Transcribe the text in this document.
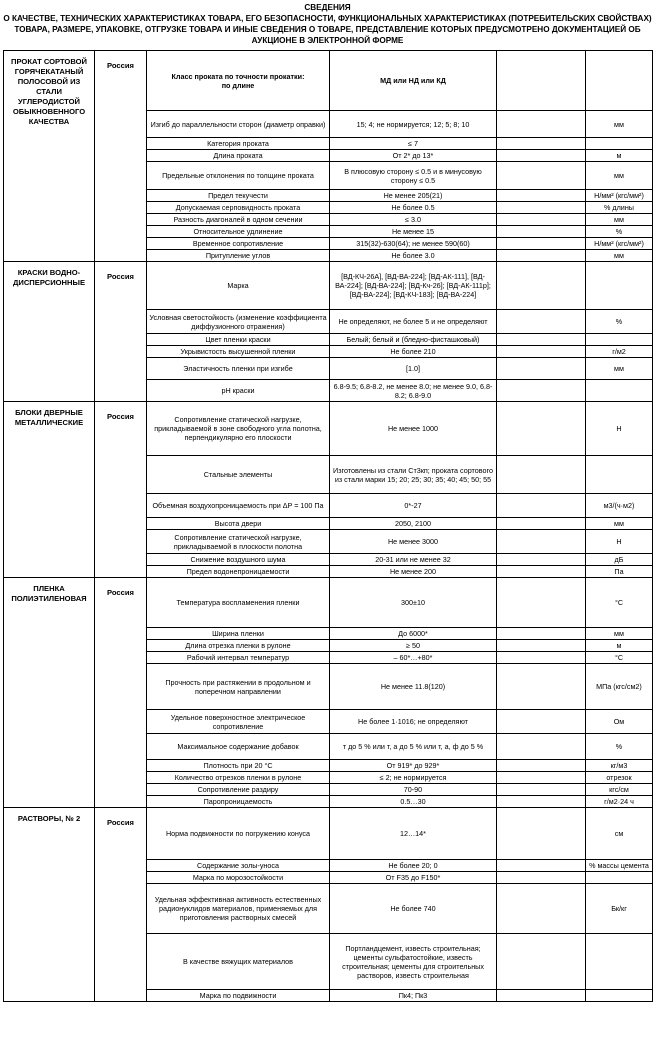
СВЕДЕНИЯ
О КАЧЕСТВЕ, ТЕХНИЧЕСКИХ ХАРАКТЕРИСТИКАХ ТОВАРА, ЕГО БЕЗОПАСНОСТИ, ФУНКЦИОНАЛЬНЫХ ХАРАКТЕРИСТИКАХ (ПОТРЕБИТЕЛЬСКИХ СВОЙСТВАХ)
ТОВАРА, РАЗМЕРЕ, УПАКОВКЕ, ОТГРУЗКЕ ТОВАРА И ИНЫЕ СВЕДЕНИЯ О ТОВАРЕ, ПРЕДСТАВЛЕНИЕ КОТОРЫХ ПРЕДУСМОТРЕНО ДОКУМЕНТАЦИЕЙ ОБ
АУКЦИОНЕ В ЭЛЕКТРОННОЙ ФОРМЕ
ПРОКАТ СОРТОВОЙ ГОРЯЧЕКАТАНЫЙ ПОЛОСОВОЙ ИЗ СТАЛИ УГЛЕРОДИСТОЙ ОБЫКНОВЕННОГО КАЧЕСТВА	Россия	Класс проката по точности прокатки:
по длине	МД или НД или КД		
		Изгиб до параллельности сторон (диаметр оправки)	15; 4; не нормируется; 12; 5; 8; 10		мм
		Категория проката	≤ 7		
		Длина проката	От 2* до 13*		м
		Предельные отклонения по толщине проката	В плюсовую сторону ≤ 0.5 и в минусовую сторону ≤ 0.5		мм
		Предел текучести	Не менее 205(21)		Н/мм² (кгс/мм²)
		Допускаемая серповидность проката	Не более 0.5		% длины
		Разность диагоналей в одном сечении	≤ 3.0		мм
		Относительное удлинение	Не менее 15		%
		Временное сопротивление	315(32)-630(64); не менее 590(60)		Н/мм² (кгс/мм²)
		Притупление углов	Не более 3.0		мм
КРАСКИ ВОДНО-ДИСПЕРСИОННЫЕ	Россия	Марка	[ВД-КЧ-26А], [ВД-ВА-224]; [ВД-АК-111], [ВД-ВА-224]; [ВД-ВА-224]; [ВД-Кч-26]; [ВД-АК-111р]; [ВД-ВА-224]; [ВД-КЧ-183]; [ВД-ВА-224]		
		Условная светостойкость (изменение коэффициента диффузионного отражения)	Не определяют, не более 5 и не определяют		%
		Цвет пленки краски	Белый; белый и (бледно-фисташковый)		
		Укрывистость высушенной пленки	Не более 210		г/м2
		Эластичность пленки при изгибе	[1.0]		мм
		pH краски	6.8-9.5; 6.8-8.2, не менее 8.0; не менее 9.0, 6.8-8.2; 6.8-9.0		
БЛОКИ ДВЕРНЫЕ МЕТАЛЛИЧЕСКИЕ	Россия	Сопротивление статической нагрузке, прикладываемой в зоне свободного угла полотна, перпендикулярно его плоскости	Не менее 1000		Н
		Стальные элементы	Изготовлены из стали Ст3кп; проката сортового из стали марки 15; 20; 25; 30; 35; 40; 45; 50; 55		
		Объемная воздухопроницаемость при ΔP = 100 Па	0*-27		м3/(ч·м2)
		Высота двери	2050, 2100		мм
		Сопротивление статической нагрузке, прикладываемой в плоскости полотна	Не менее 3000		Н
		Снижение воздушного шума	20-31 или не менее 32		дБ
		Предел водонепроницаемости	Не менее 200		Па
ПЛЕНКА ПОЛИЭТИЛЕНОВАЯ	Россия	Температура воспламенения пленки	300±10		°С
		Ширина пленки	До 6000*		мм
		Длина отрезка пленки в рулоне	≥ 50		м
		Рабочий интервал температур	– 60*…+80*		°С
		Прочность при растяжении в продольном и поперечном направлении	Не менее 11.8(120)		МПа (кгс/см2)
		Удельное поверхностное электрическое сопротивление	Не более 1·1016; не определяют		Ом
		Максимальное содержание добавок	т до 5 % или т, а до 5 % или т, а, ф до 5 %		%
		Плотность при 20 °С	От 919* до 929*		кг/м3
		Количество отрезков пленки в рулоне	≤ 2; не нормируется		отрезок
		Сопротивление раздиру	70-90		кгс/см
		Паропроницаемость	0.5…30		г/м2·24 ч
РАСТВОРЫ, № 2	Россия	Норма подвижности по погружению конуса	12…14*		см
		Содержание золы-уноса	Не более 20; 0		% массы цемента
		Марка по морозостойкости	От F35 до F150*		
		Удельная эффективная активность естественных радионуклидов материалов, применяемых для приготовления растворных смесей	Не более 740		Бк/кг
		В качестве вяжущих материалов	Портландцемент, известь строительная; цементы сульфатостойкие, известь строительная; цементы для строительных растворов, известь строительная		
		Марка по подвижности	Пк4; Пк3		
